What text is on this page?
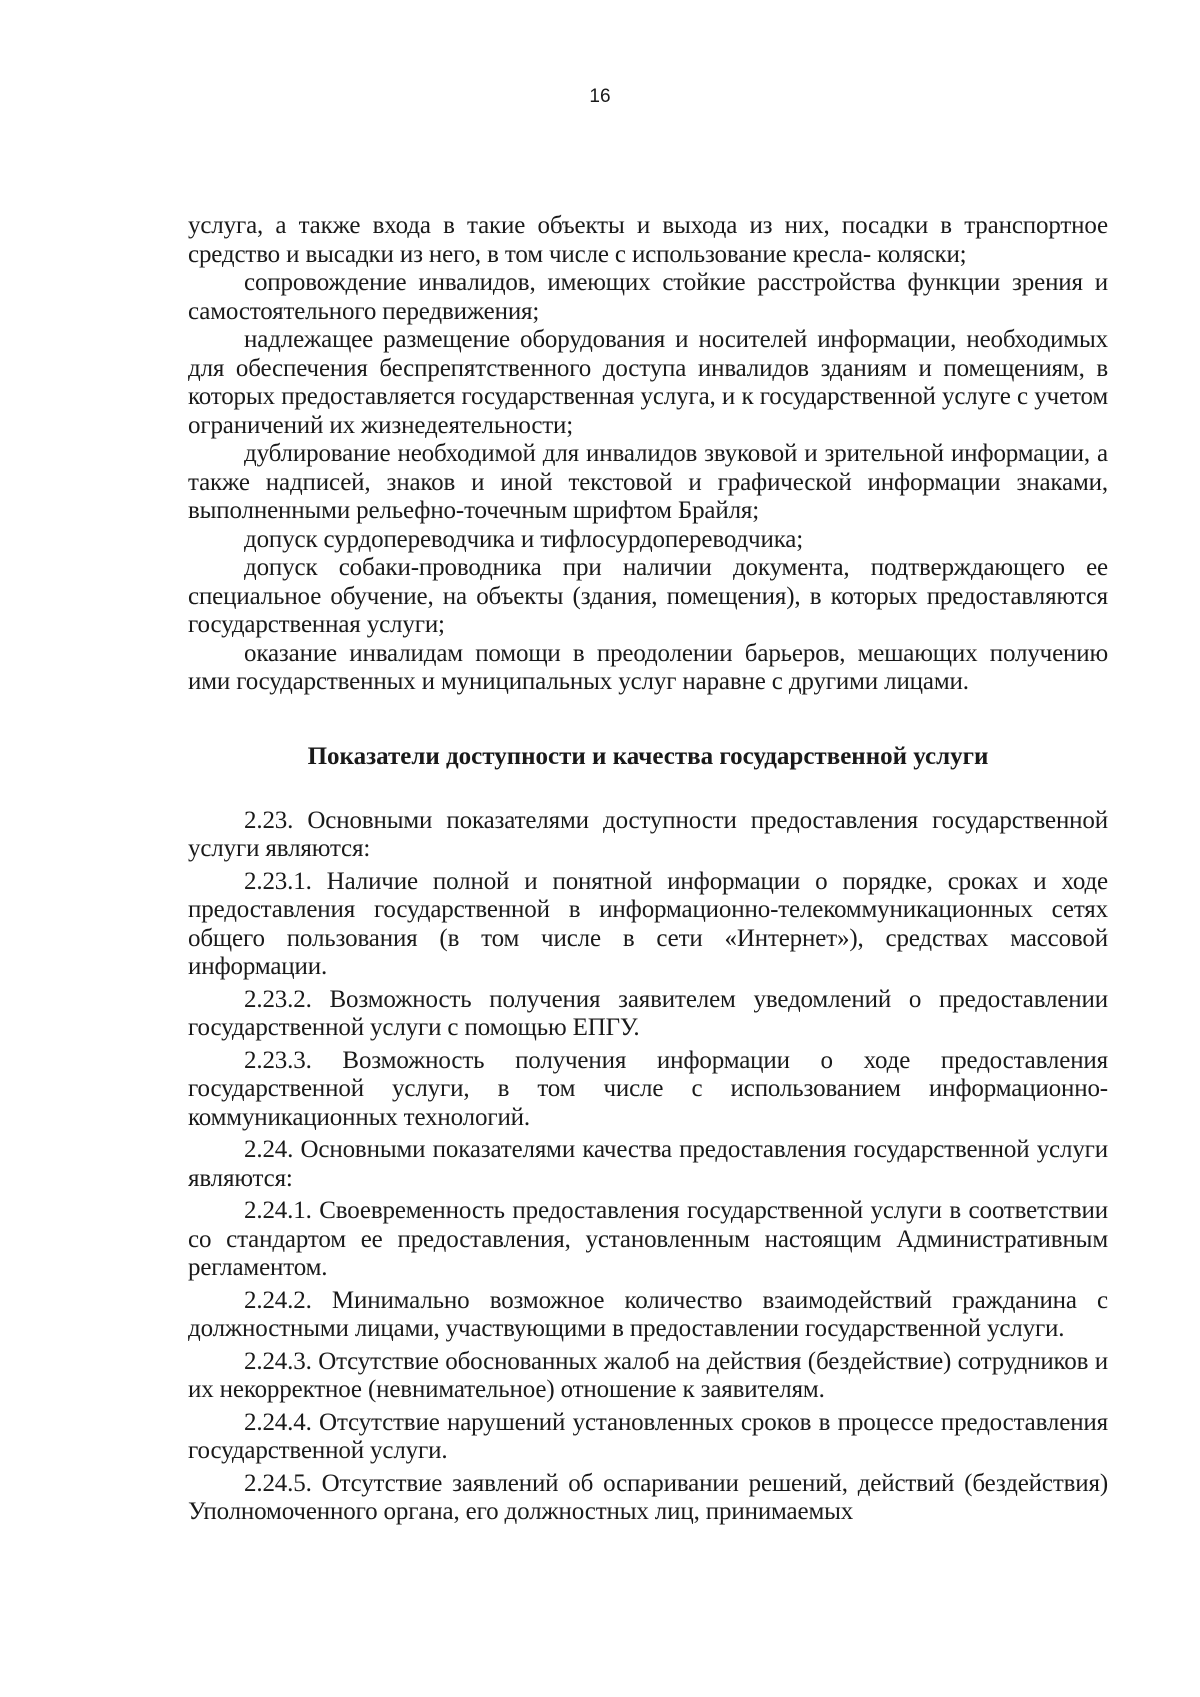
16

услуга, а также входа в такие объекты и выхода из них, посадки в транспортное средство и высадки из него, в том числе с использование кресла- коляски;

сопровождение инвалидов, имеющих стойкие расстройства функции зрения и самостоятельного передвижения;

надлежащее размещение оборудования и носителей информации, необходимых для обеспечения беспрепятственного доступа инвалидов зданиям и помещениям, в которых предоставляется государственная услуга, и к государственной услуге с учетом ограничений их жизнедеятельности;

дублирование необходимой для инвалидов звуковой и зрительной информации, а также надписей, знаков и иной текстовой и графической информации знаками, выполненными рельефно-точечным шрифтом Брайля;

допуск сурдопереводчика и тифлосурдопереводчика;

допуск собаки-проводника при наличии документа, подтверждающего ее специальное обучение, на объекты (здания, помещения), в которых предоставляются государственная услуги;

оказание инвалидам помощи в преодолении барьеров, мешающих получению ими государственных и муниципальных услуг наравне с другими лицами.

Показатели доступности и качества государственной услуги

2.23. Основными показателями доступности предоставления государственной услуги являются:

2.23.1. Наличие полной и понятной информации о порядке, сроках и ходе предоставления государственной в информационно-телекоммуникационных сетях общего пользования (в том числе в сети «Интернет»), средствах массовой информации.

2.23.2. Возможность получения заявителем уведомлений о предоставлении государственной услуги с помощью ЕПГУ.

2.23.3. Возможность получения информации о ходе предоставления государственной услуги, в том числе с использованием информационно-коммуникационных технологий.

2.24. Основными показателями качества предоставления государственной услуги являются:

2.24.1. Своевременность предоставления государственной услуги в соответствии со стандартом ее предоставления, установленным настоящим Административным регламентом.

2.24.2. Минимально возможное количество взаимодействий гражданина с должностными лицами, участвующими в предоставлении государственной услуги.

2.24.3. Отсутствие обоснованных жалоб на действия (бездействие) сотрудников и их некорректное (невнимательное) отношение к заявителям.

2.24.4. Отсутствие нарушений установленных сроков в процессе предоставления государственной услуги.

2.24.5. Отсутствие заявлений об оспаривании решений, действий (бездействия) Уполномоченного органа, его должностных лиц, принимаемых
